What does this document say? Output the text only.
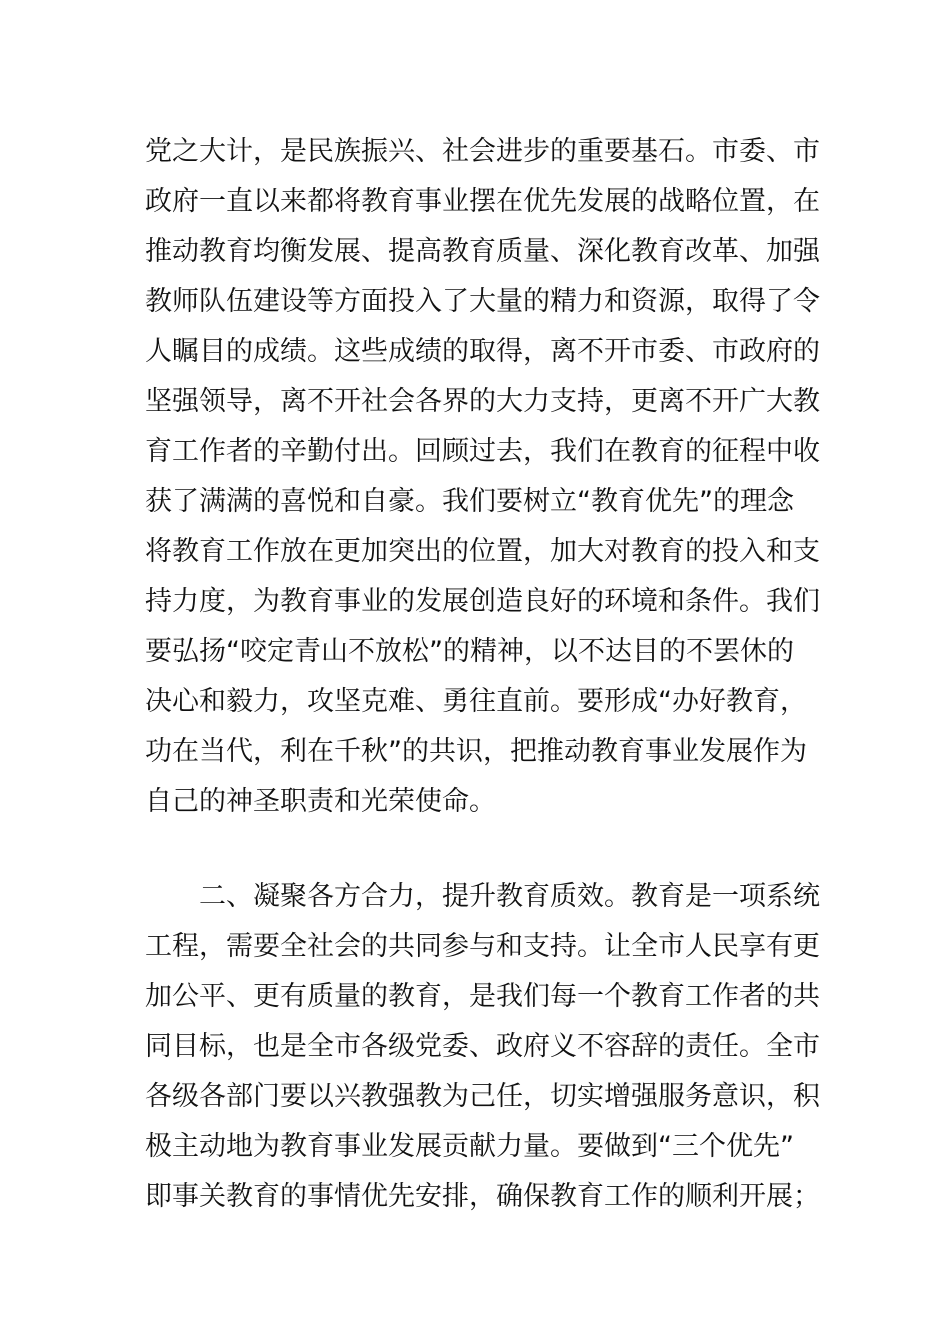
党之大计，是民族振兴、社会进步的重要基石。市委、市
政府一直以来都将教育事业摆在优先发展的战略位置，在
推动教育均衡发展、提高教育质量、深化教育改革、加强
教师队伍建设等方面投入了大量的精力和资源，取得了令
人瞩目的成绩。这些成绩的取得，离不开市委、市政府的
坚强领导，离不开社会各界的大力支持，更离不开广大教
育工作者的辛勤付出。回顾过去，我们在教育的征程中收
获了满满的喜悦和自豪。我们要树立“教育优先”的理念
将教育工作放在更加突出的位置，加大对教育的投入和支
持力度，为教育事业的发展创造良好的环境和条件。我们
要弘扬“咬定青山不放松”的精神，以不达目的不罢休的
决心和毅力，攻坚克难、勇往直前。要形成“办好教育，
功在当代，利在千秋”的共识，把推动教育事业发展作为
自己的神圣职责和光荣使命。
　　二、凝聚各方合力，提升教育质效。教育是一项系统
工程，需要全社会的共同参与和支持。让全市人民享有更
加公平、更有质量的教育，是我们每一个教育工作者的共
同目标，也是全市各级党委、政府义不容辞的责任。全市
各级各部门要以兴教强教为己任，切实增强服务意识，积
极主动地为教育事业发展贡献力量。要做到“三个优先”
即事关教育的事情优先安排，确保教育工作的顺利开展；
